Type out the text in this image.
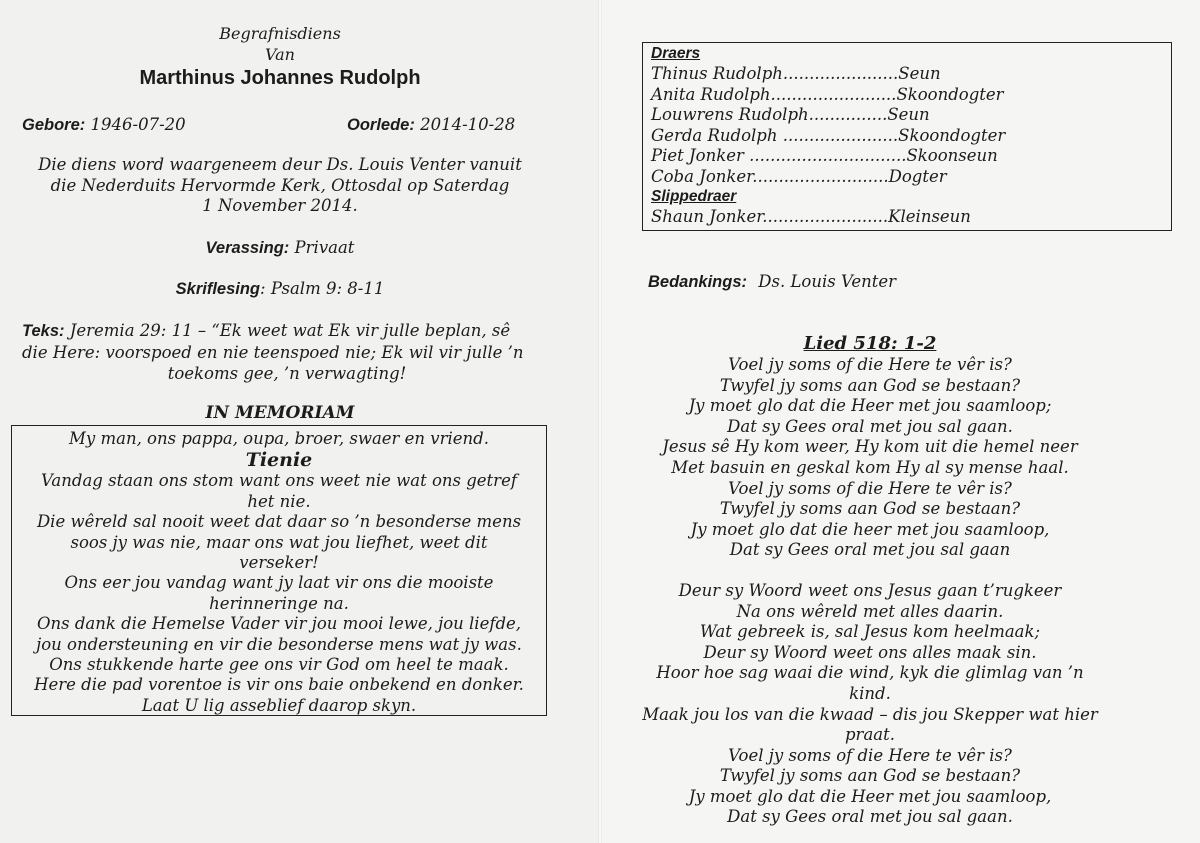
Begrafnisdiens
Van
Marthinus Johannes Rudolph
Gebore: 1946-07-20	Oorlede: 2014-10-28
Die diens word waargeneem deur Ds. Louis Venter vanuit
die Nederduits Hervormde Kerk, Ottosdal op Saterdag
1 November 2014.
Verassing: Privaat
Skriflesing: Psalm 9: 8-11
Teks: Jeremia 29: 11 – “Ek weet wat Ek vir julle beplan, sê
die Here: voorspoed en nie teenspoed nie; Ek wil vir julle ’n
toekoms gee, ’n verwagting!
IN MEMORIAM

My man, ons pappa, oupa, broer, swaer en vriend.

Tienie

Vandag staan ons stom want ons weet nie wat ons getref

het nie.

Die wêreld sal nooit weet dat daar so ’n besonderse mens

soos jy was nie, maar ons wat jou liefhet, weet dit

verseker!

Ons eer jou vandag want jy laat vir ons die mooiste

herinneringe na.

Ons dank die Hemelse Vader vir jou mooi lewe, jou liefde,

jou ondersteuning en vir die besonderse mens wat jy was.

Ons stukkende harte gee ons vir God om heel te maak.

Here die pad vorentoe is vir ons baie onbekend en donker.

Laat U lig asseblief daarop skyn.

Draers
Thinus Rudolph......................Seun
Anita Rudolph........................Skoondogter
Louwrens Rudolph...............Seun
Gerda Rudolph ......................Skoondogter
Piet Jonker ..............................Skoonseun
Coba Jonker..........................Dogter
Slippedraer
Shaun Jonker........................Kleinseun
Bedankings: Ds. Louis Venter

Lied 518: 1-2

Voel jy soms of die Here te vêr is?

Twyfel jy soms aan God se bestaan?

Jy moet glo dat die Heer met jou saamloop;

Dat sy Gees oral met jou sal gaan.

Jesus sê Hy kom weer, Hy kom uit die hemel neer

Met basuin en geskal kom Hy al sy mense haal.

Voel jy soms of die Here te vêr is?

Twyfel jy soms aan God se bestaan?

Jy moet glo dat die heer met jou saamloop,

Dat sy Gees oral met jou sal gaan

Deur sy Woord weet ons Jesus gaan t’rugkeer

Na ons wêreld met alles daarin.

Wat gebreek is, sal Jesus kom heelmaak;

Deur sy Woord weet ons alles maak sin.

Hoor hoe sag waai die wind, kyk die glimlag van ’n kind.

Maak jou los van die kwaad – dis jou Skepper wat hier

praat.

Voel jy soms of die Here te vêr is?

Twyfel jy soms aan God se bestaan?

Jy moet glo dat die Heer met jou saamloop,

Dat sy Gees oral met jou sal gaan.
